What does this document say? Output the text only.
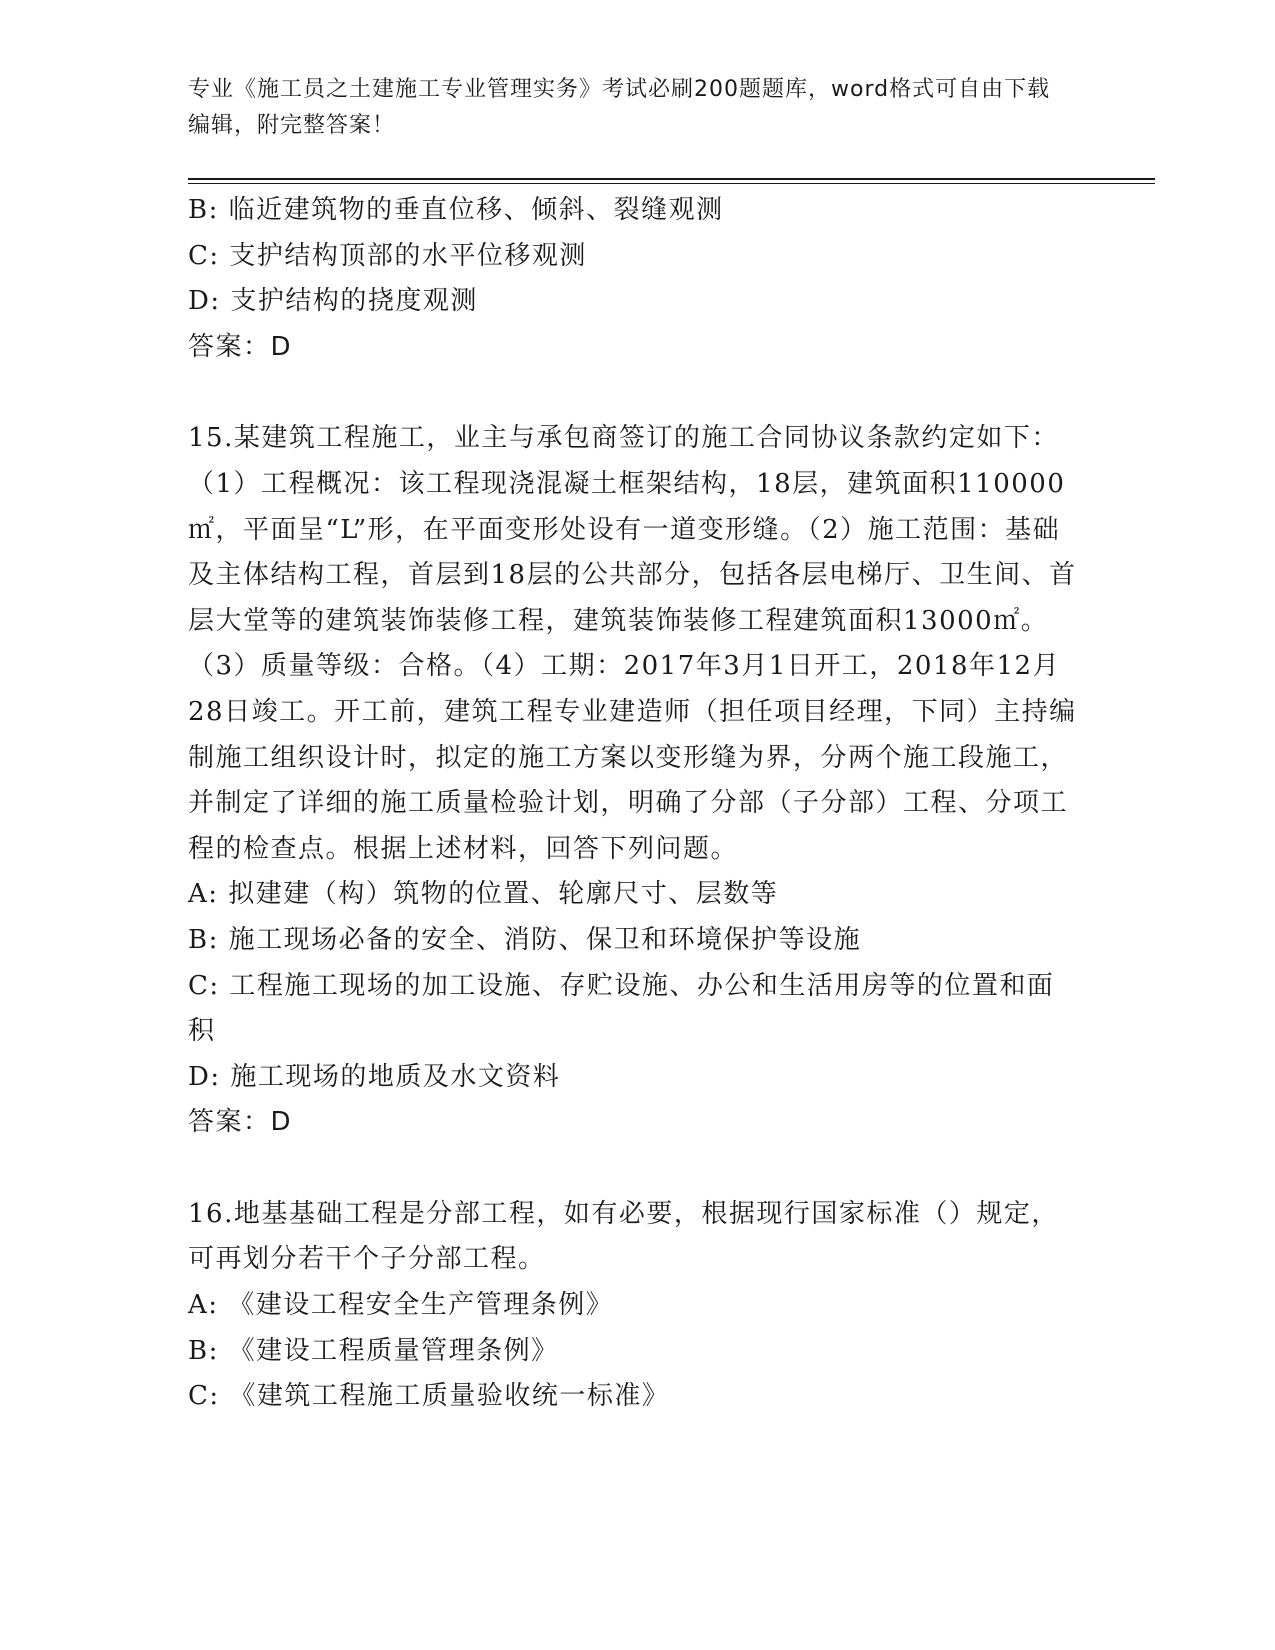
专业《施工员之土建施工专业管理实务》考试必刷200题题库，word格式可自由下载编辑，附完整答案！
B: 临近建筑物的垂直位移、倾斜、裂缝观测
C: 支护结构顶部的水平位移观测
D: 支护结构的挠度观测
答案：D
15.某建筑工程施工，业主与承包商签订的施工合同协议条款约定如下：（1）工程概况：该工程现浇混凝土框架结构，18层，建筑面积110000㎡，平面呈“L”形，在平面变形处设有一道变形缝。（2）施工范围：基础及主体结构工程，首层到18层的公共部分，包括各层电梯厅、卫生间、首层大堂等的建筑装饰装修工程，建筑装饰装修工程建筑面积13000㎡。（3）质量等级：合格。（4）工期：2017年3月1日开工，2018年12月28日竣工。开工前，建筑工程专业建造师（担任项目经理，下同）主持编制施工组织设计时，拟定的施工方案以变形缝为界，分两个施工段施工，并制定了详细的施工质量检验计划，明确了分部（子分部）工程、分项工程的检查点。根据上述材料，回答下列问题。
A: 拟建建（构）筑物的位置、轮廓尺寸、层数等
B: 施工现场必备的安全、消防、保卫和环境保护等设施
C: 工程施工现场的加工设施、存贮设施、办公和生活用房等的位置和面积
D: 施工现场的地质及水文资料
答案：D
16.地基基础工程是分部工程，如有必要，根据现行国家标准（）规定，可再划分若干个子分部工程。
A: 《建设工程安全生产管理条例》
B: 《建设工程质量管理条例》
C: 《建筑工程施工质量验收统一标准》
